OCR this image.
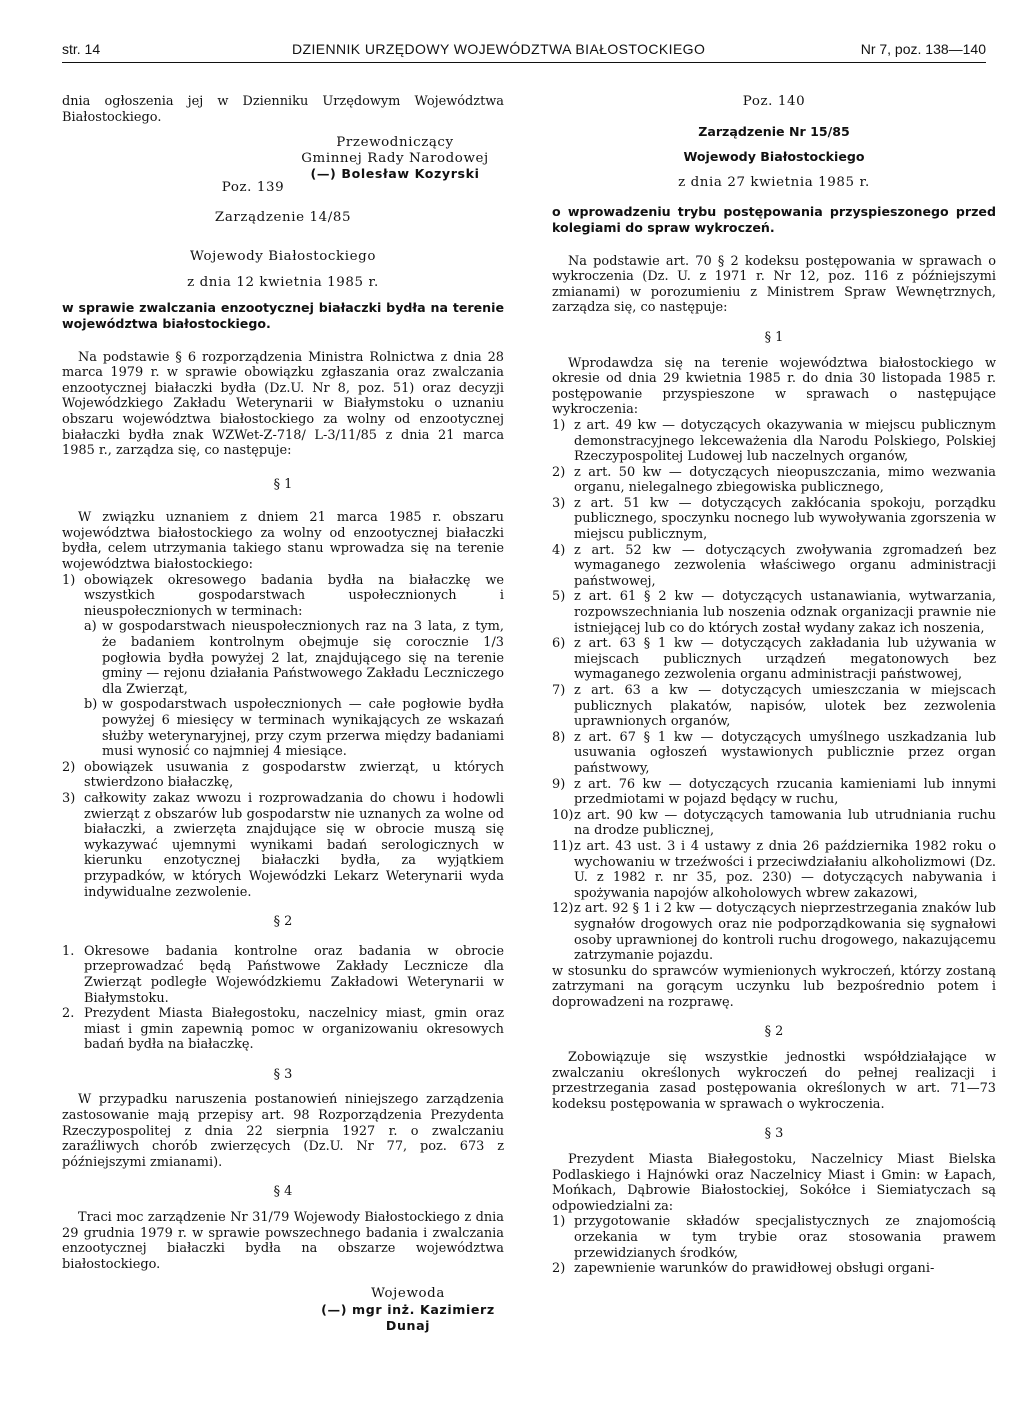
str. 14	DZIENNIK URZĘDOWY WOJEWÓDZTWA BIAŁOSTOCKIEGO	Nr 7, poz. 138—140

dnia ogłoszenia jej w Dzienniku Urzędowym Województwa Białostockiego.

Przewodniczący
Gminnej Rady Narodowej
(—) Bolesław Kozyrski
Poz. 139
Zarządzenie 14/85
Wojewody Białostockiego
z dnia 12 kwietnia 1985 r.

w sprawie zwalczania enzootycznej białaczki bydła na terenie województwa białostockiego.

Na podstawie § 6 rozporządzenia Ministra Rolnictwa z dnia 28 marca 1979 r. w sprawie obowiązku zgłaszania oraz zwalczania enzootycznej białaczki bydła (Dz.U. Nr 8, poz. 51) oraz decyzji Wojewódzkiego Zakładu Weterynarii w Białymstoku o uznaniu obszaru województwa białostockiego za wolny od enzootycznej białaczki bydła znak WZWet-Z-718/ L-3/11/85 z dnia 21 marca 1985 r., zarządza się, co następuje:

§ 1

W związku uznaniem z dniem 21 marca 1985 r. obszaru województwa białostockiego za wolny od enzootycznej białaczki bydła, celem utrzymania takiego stanu wprowadza się na terenie województwa białostockiego:

1) obowiązek okresowego badania bydła na białaczkę we wszystkich gospodarstwach uspołecznionych i nieuspołecznionych w terminach:
a) w gospodarstwach nieuspołecznionych raz na 3 lata, z tym, że badaniem kontrolnym obejmuje się corocznie 1/3 pogłowia bydła powyżej 2 lat, znajdującego się na terenie gminy — rejonu działania Państwowego Zakładu Leczniczego dla Zwierząt,
b) w gospodarstwach uspołecznionych — całe pogłowie bydła powyżej 6 miesięcy w terminach wynikających ze wskazań służby weterynaryjnej, przy czym przerwa między badaniami musi wynosić co najmniej 4 miesiące.
2) obowiązek usuwania z gospodarstw zwierząt, u których stwierdzono białaczkę,
3) całkowity zakaz wwozu i rozprowadzania do chowu i hodowli zwierząt z obszarów lub gospodarstw nie uznanych za wolne od białaczki, a zwierzęta znajdujące się w obrocie muszą się wykazywać ujemnymi wynikami badań serologicznych w kierunku enzotycznej białaczki bydła, za wyjątkiem przypadków, w których Wojewódzki Lekarz Weterynarii wyda indywidualne zezwolenie.
§ 2
1. Okresowe badania kontrolne oraz badania w obrocie przeprowadzać będą Państwowe Zakłady Lecznicze dla Zwierząt podległe Wojewódzkiemu Zakładowi Weterynarii w Białymstoku.
2. Prezydent Miasta Białegostoku, naczelnicy miast, gmin oraz miast i gmin zapewnią pomoc w organizowaniu okresowych badań bydła na białaczkę.
§ 3

W przypadku naruszenia postanowień niniejszego zarządzenia zastosowanie mają przepisy art. 98 Rozporządzenia Prezydenta Rzeczypospolitej z dnia 22 sierpnia 1927 r. o zwalczaniu zaraźliwych chorób zwierzęcych (Dz.U. Nr 77, poz. 673 z późniejszymi zmianami).

§ 4

Traci moc zarządzenie Nr 31/79 Wojewody Białostockiego z dnia 29 grudnia 1979 r. w sprawie powszechnego badania i zwalczania enzootycznej białaczki bydła na obszarze województwa białostockiego.

Wojewoda
(—) mgr inż. Kazimierz Dunaj
Poz. 140
Zarządzenie Nr 15/85
Wojewody Białostockiego
z dnia 27 kwietnia 1985 r.

o wprowadzeniu trybu postępowania przyspieszonego przed kolegiami do spraw wykroczeń.

Na podstawie art. 70 § 2 kodeksu postępowania w sprawach o wykroczenia (Dz. U. z 1971 r. Nr 12, poz. 116 z późniejszymi zmianami) w porozumieniu z Ministrem Spraw Wewnętrznych, zarządza się, co następuje:

§ 1

Wprodawdza się na terenie województwa białostockiego w okresie od dnia 29 kwietnia 1985 r. do dnia 30 listopada 1985 r. postępowanie przyspieszone w sprawach o następujące wykroczenia:

1) z art. 49 kw — dotyczących okazywania w miejscu publicznym demonstracyjnego lekceważenia dla Narodu Polskiego, Polskiej Rzeczypospolitej Ludowej lub naczelnych organów,
2) z art. 50 kw — dotyczących nieopuszczania, mimo wezwania organu, nielegalnego zbiegowiska publicznego,
3) z art. 51 kw — dotyczących zakłócania spokoju, porządku publicznego, spoczynku nocnego lub wywoływania zgorszenia w miejscu publicznym,
4) z art. 52 kw — dotyczących zwoływania zgromadzeń bez wymaganego zezwolenia właściwego organu administracji państwowej,
5) z art. 61 § 2 kw — dotyczących ustanawiania, wytwarzania, rozpowszechniania lub noszenia odznak organizacji prawnie nie istniejącej lub co do których został wydany zakaz ich noszenia,
6) z art. 63 § 1 kw — dotyczących zakładania lub używania w miejscach publicznych urządzeń megatonowych bez wymaganego zezwolenia organu administracji państwowej,
7) z art. 63 a kw — dotyczących umieszczania w miejscach publicznych plakatów, napisów, ulotek bez zezwolenia uprawnionych organów,
8) z art. 67 § 1 kw — dotyczących umyślnego uszkadzania lub usuwania ogłoszeń wystawionych publicznie przez organ państwowy,
9) z art. 76 kw — dotyczących rzucania kamieniami lub innymi przedmiotami w pojazd będący w ruchu,
10) z art. 90 kw — dotyczących tamowania lub utrudniania ruchu na drodze publicznej,
11) z art. 43 ust. 3 i 4 ustawy z dnia 26 października 1982 roku o wychowaniu w trzeźwości i przeciwdziałaniu alkoholizmowi (Dz. U. z 1982 r. nr 35, poz. 230) — dotyczących nabywania i spożywania napojów alkoholowych wbrew zakazowi,
12) z art. 92 § 1 i 2 kw — dotyczących nieprzestrzegania znaków lub sygnałów drogowych oraz nie podporządkowania się sygnałowi osoby uprawnionej do kontroli ruchu drogowego, nakazującemu zatrzymanie pojazdu.

w stosunku do sprawców wymienionych wykroczeń, którzy zostaną zatrzymani na gorącym uczynku lub bezpośrednio potem i doprowadzeni na rozprawę.

§ 2

Zobowiązuje się wszystkie jednostki współdziałające w zwalczaniu określonych wykroczeń do pełnej realizacji i przestrzegania zasad postępowania określonych w art. 71—73 kodeksu postępowania w sprawach o wykroczenia.

§ 3

Prezydent Miasta Białegostoku, Naczelnicy Miast Bielska Podlaskiego i Hajnówki oraz Naczelnicy Miast i Gmin: w Łapach, Mońkach, Dąbrowie Białostockiej, Sokółce i Siemiatyczach są odpowiedzialni za:

1) przygotowanie składów specjalistycznych ze znajomością orzekania w tym trybie oraz stosowania prawem przewidzianych środków,
2) zapewnienie warunków do prawidłowej obsługi organi-
